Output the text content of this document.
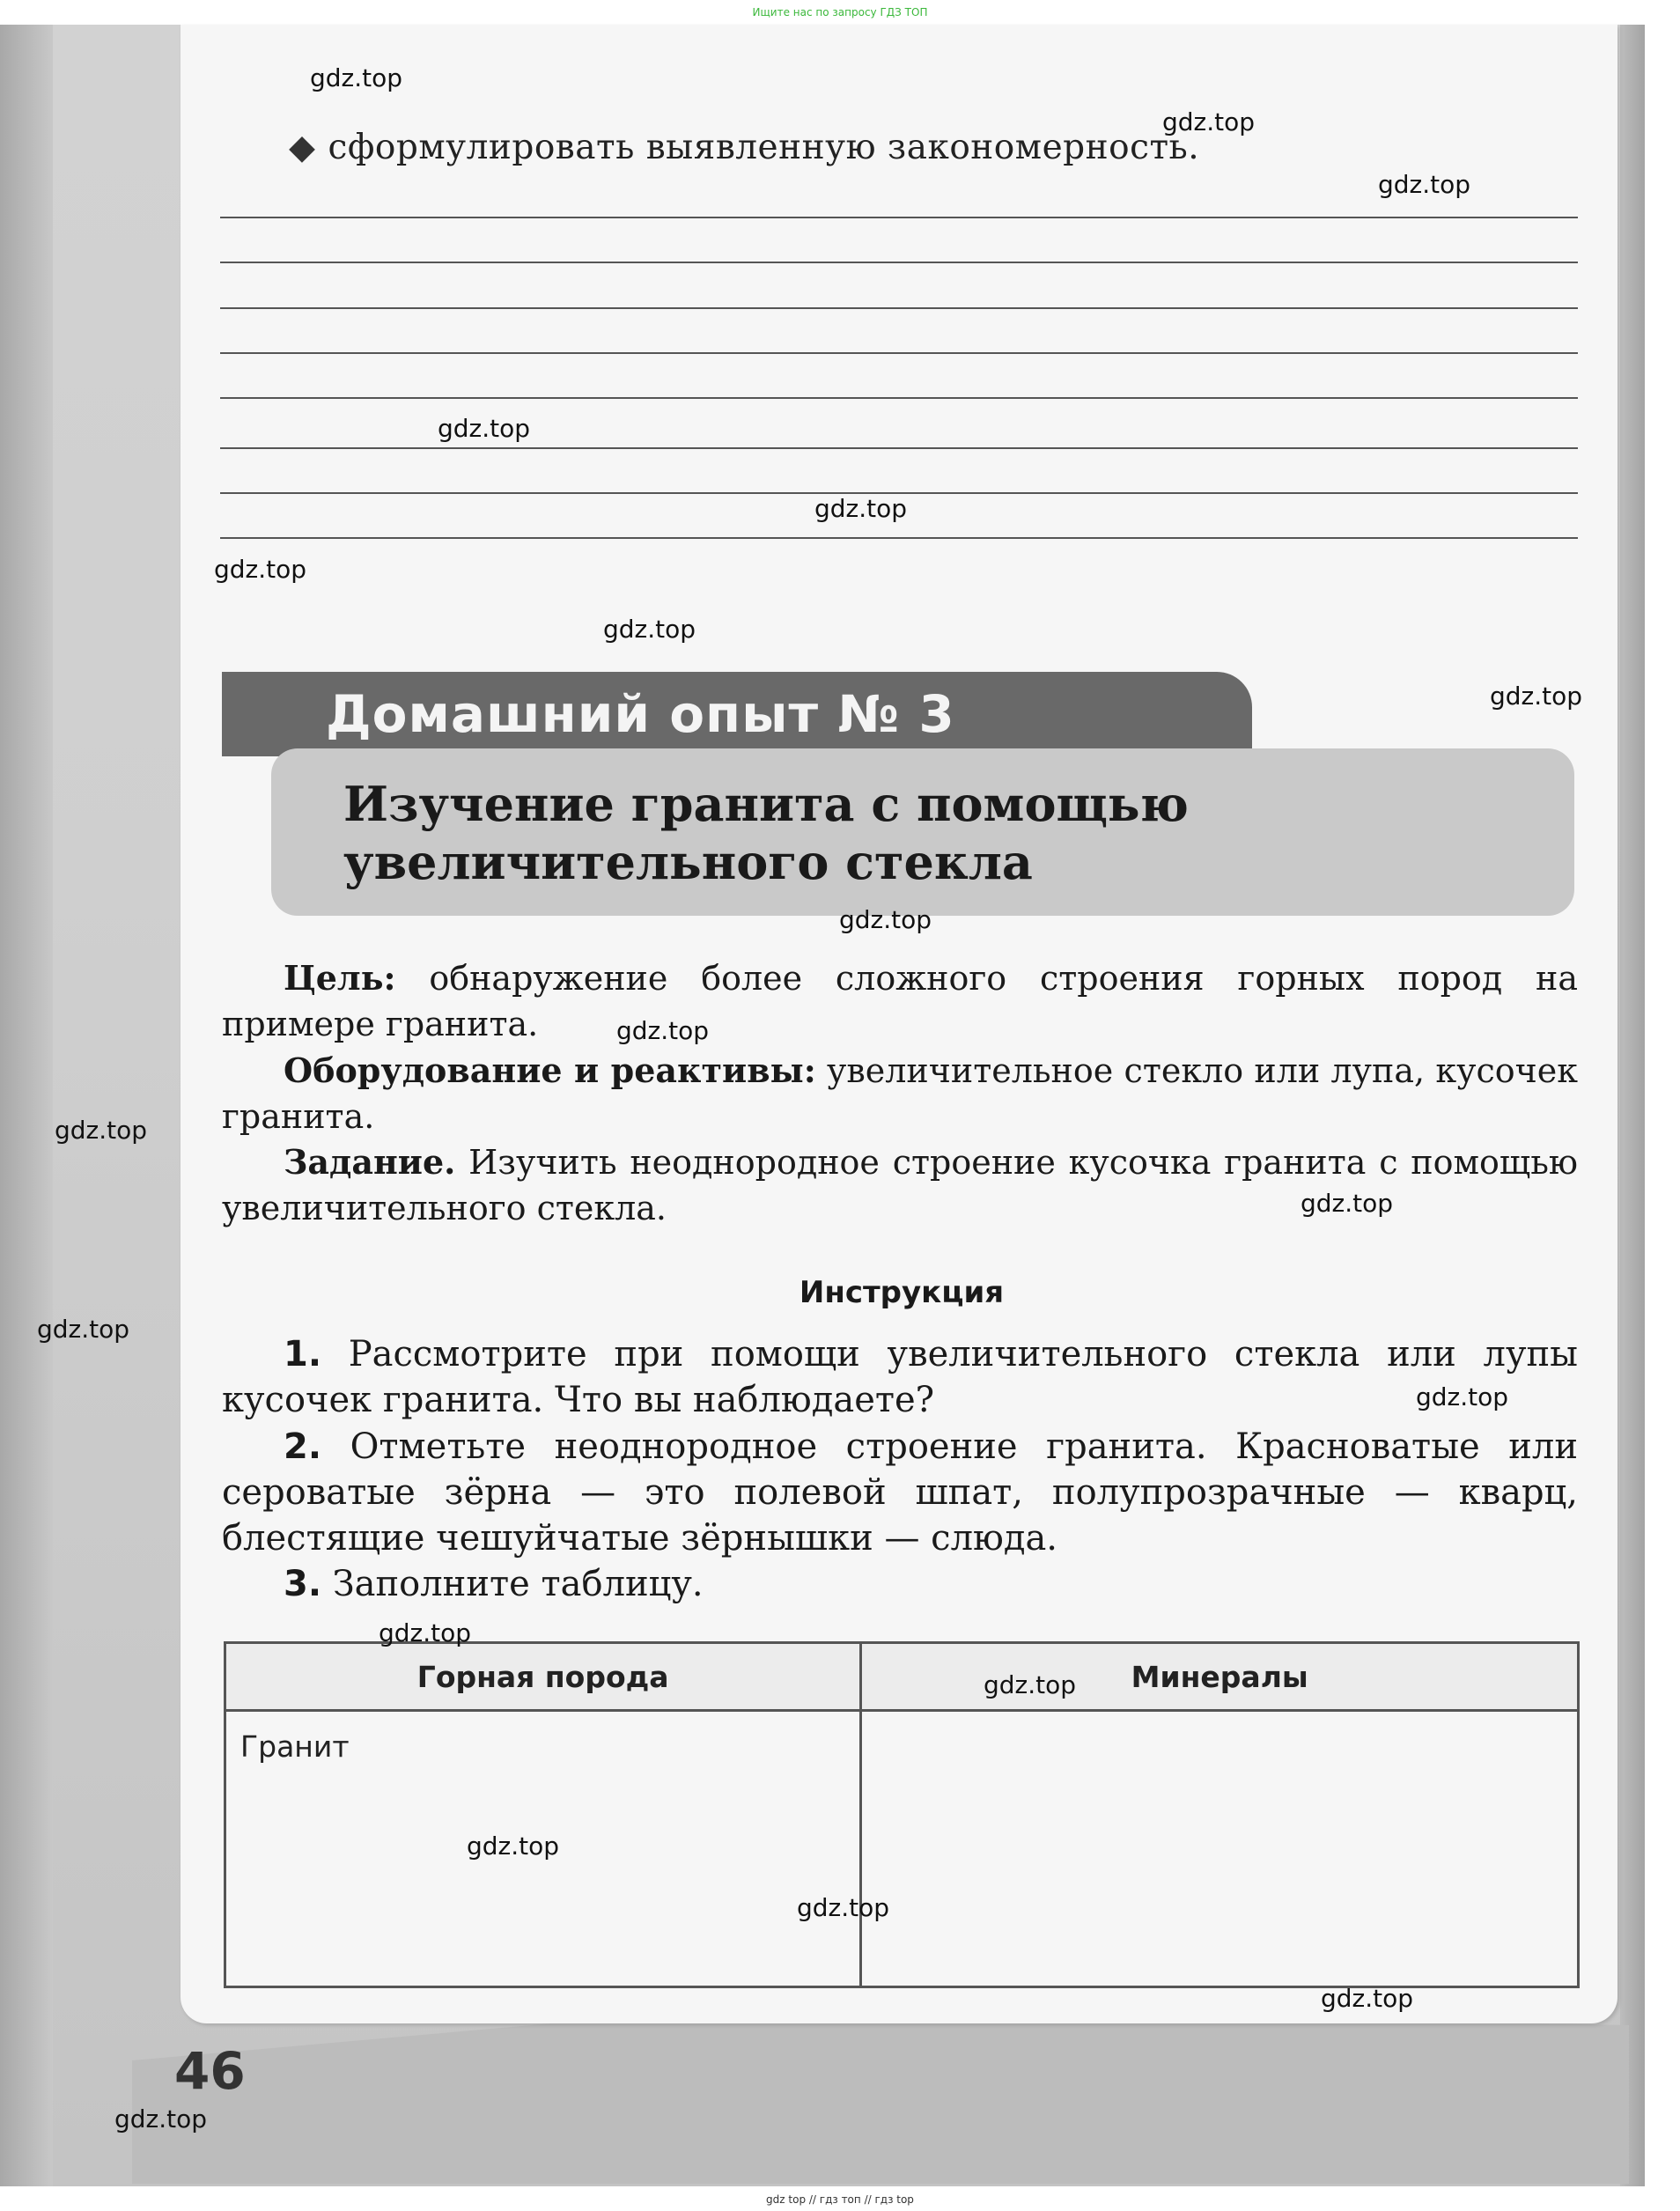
Ищите нас по запросу ГДЗ ТОП
◆ сформулировать выявленную закономерность.
Домашний опыт № 3
Изучение гранита с помощью
увеличительного стекла
Цель: обнаружение более сложного строения горных пород на примере гранита.
Оборудование и реактивы: увеличительное стекло или лупа, кусочек гранита.
Задание. Изучить неоднородное строение кусочка гранита с помощью увеличительного стекла.
Инструкция
1. Рассмотрите при помощи увеличительного стекла или лупы кусочек гранита. Что вы наблюдаете?
2. Отметьте неоднородное строение гранита. Красноватые или сероватые зёрна — это полевой шпат, полупрозрачные — кварц, блестящие чешуйчатые зёрнышки — слюда.
3. Заполните таблицу.
Горная порода	Минералы
Гранит	
46
gdz.top
gdz.top
gdz.top
gdz.top
gdz.top
gdz.top
gdz.top
gdz.top
gdz.top
gdz.top
gdz.top
gdz.top
gdz.top
gdz.top
gdz.top
gdz.top
gdz.top
gdz.top
gdz.top
gdz.top
gdz top // гдз топ // гдз top
